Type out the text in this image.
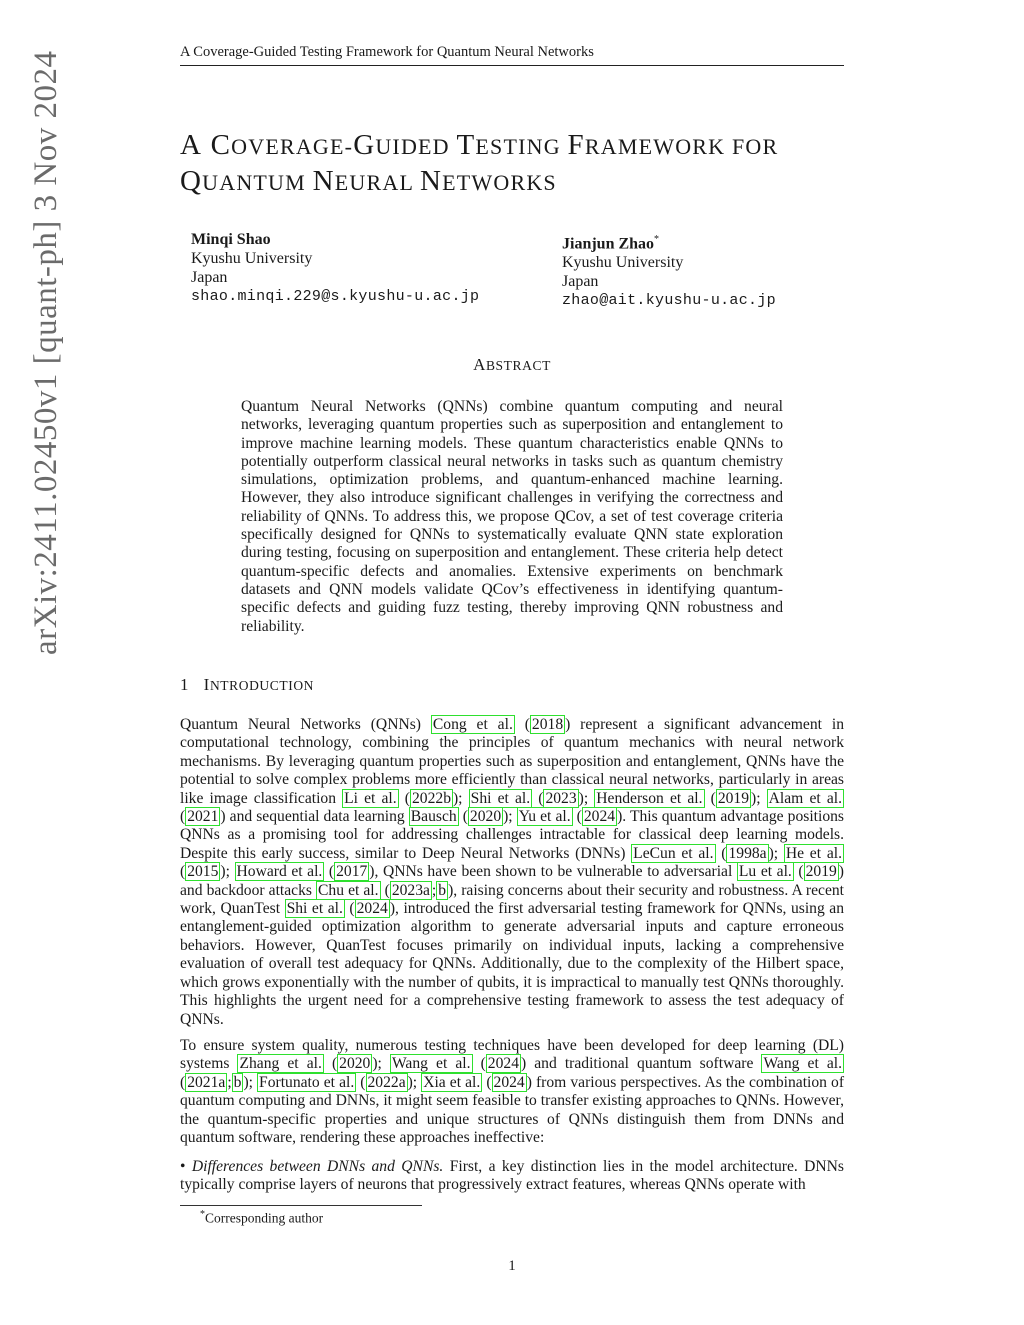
arXiv:2411.02450v1 [quant-ph] 3 Nov 2024	A Coverage-Guided Testing Framework for Quantum Neural Networks
A COVERAGE-GUIDED TESTING FRAMEWORK FOR
QUANTUM NEURAL NETWORKS
Minqi Shao
Kyushu University
Japan
shao.minqi.229@s.kyushu-u.ac.jp
Jianjun Zhao*
Kyushu University
Japan
zhao@ait.kyushu-u.ac.jp
ABSTRACT
Quantum Neural Networks (QNNs) combine quantum computing and neural networks, leveraging quantum properties such as superposition and entanglement to improve machine learning models. These quantum characteristics enable QNNs to potentially outperform classical neural networks in tasks such as quantum chemistry simulations, optimization problems, and quantum-enhanced machine learning. However, they also introduce significant challenges in verifying the correctness and reliability of QNNs. To address this, we propose QCov, a set of test coverage criteria specifically designed for QNNs to systematically evaluate QNN state exploration during testing, focusing on superposition and entanglement. These criteria help detect quantum-specific defects and anomalies. Extensive experiments on benchmark datasets and QNN models validate QCov’s effectiveness in identifying quantum-specific defects and guiding fuzz testing, thereby improving QNN robustness and reliability.
1 INTRODUCTION
Quantum Neural Networks (QNNs) Cong et al. ( 2018 ) represent a significant advancement in computational technology, combining the principles of quantum mechanics with neural network mechanisms. By leveraging quantum properties such as superposition and entanglement, QNNs have the potential to solve complex problems more efficiently than classical neural networks, particularly in areas like image classification Li et al. ( 2022b ); Shi et al. ( 2023 ); Henderson et al. ( 2019 ); Alam et al. ( 2021 ) and sequential data learning Bausch ( 2020 ); Yu et al. ( 2024 ). This quantum advantage positions QNNs as a promising tool for addressing challenges intractable for classical deep learning models. Despite this early success, similar to Deep Neural Networks (DNNs) LeCun et al. ( 1998a ); He et al. ( 2015 ); Howard et al. ( 2017 ), QNNs have been shown to be vulnerable to adversarial Lu et al. ( 2019 ) and backdoor attacks Chu et al. ( 2023a ; b ), raising concerns about their security and robustness. A recent work, QuanTest Shi et al. ( 2024 ), introduced the first adversarial testing framework for QNNs, using an entanglement-guided optimization algorithm to generate adversarial inputs and capture erroneous behaviors. However, QuanTest focuses primarily on individual inputs, lacking a comprehensive evaluation of overall test adequacy for QNNs. Additionally, due to the complexity of the Hilbert space, which grows exponentially with the number of qubits, it is impractical to manually test QNNs thoroughly. This highlights the urgent need for a comprehensive testing framework to assess the test adequacy of QNNs.
To ensure system quality, numerous testing techniques have been developed for deep learning (DL) systems Zhang et al. ( 2020 ); Wang et al. ( 2024 ) and traditional quantum software Wang et al. ( 2021a ; b ); Fortunato et al. ( 2022a ); Xia et al. ( 2024 ) from various perspectives. As the combination of quantum computing and DNNs, it might seem feasible to transfer existing approaches to QNNs. However, the quantum-specific properties and unique structures of QNNs distinguish them from DNNs and quantum software, rendering these approaches ineffective:
• Differences between DNNs and QNNs. First, a key distinction lies in the model architecture. DNNs typically comprise layers of neurons that progressively extract features, whereas QNNs operate with
*Corresponding author
1
